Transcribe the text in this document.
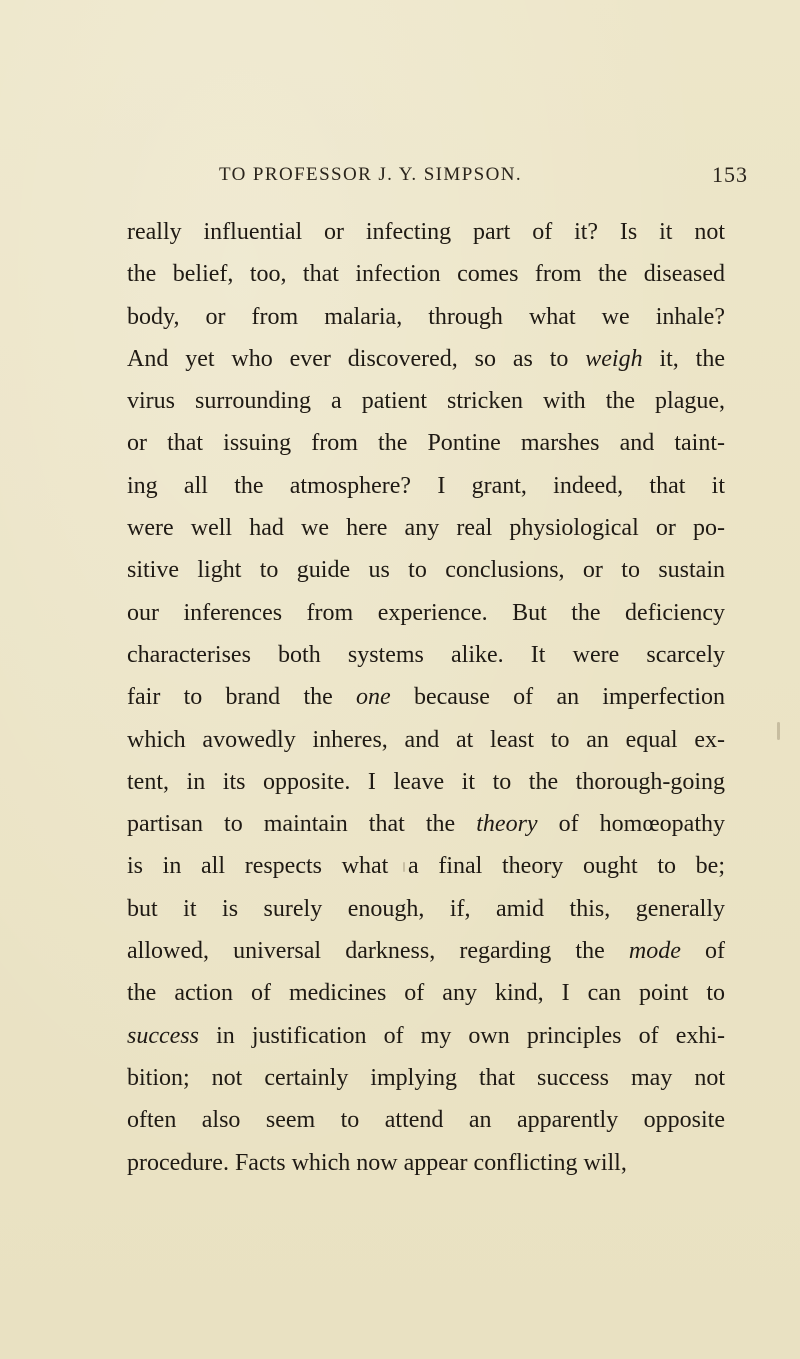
TO PROFESSOR J. Y. SIMPSON.	153
really influential or infecting part of it? Is it not
the belief, too, that infection comes from the diseased
body, or from malaria, through what we inhale?
And yet who ever discovered, so as to weigh it, the
virus surrounding a patient stricken with the plague,
or that issuing from the Pontine marshes and taint-
ing all the atmosphere? I grant, indeed, that it
were well had we here any real physiological or po-
sitive light to guide us to conclusions, or to sustain
our inferences from experience. But the deficiency
characterises both systems alike. It were scarcely
fair to brand the one because of an imperfection
which avowedly inheres, and at least to an equal ex-
tent, in its opposite. I leave it to the thorough-going
partisan to maintain that the theory of homœopathy
is in all respects what a final theory ought to be;
but it is surely enough, if, amid this, generally
allowed, universal darkness, regarding the mode of
the action of medicines of any kind, I can point to
success in justification of my own principles of exhi-
bition; not certainly implying that success may not
often also seem to attend an apparently opposite
procedure. Facts which now appear conflicting will,
